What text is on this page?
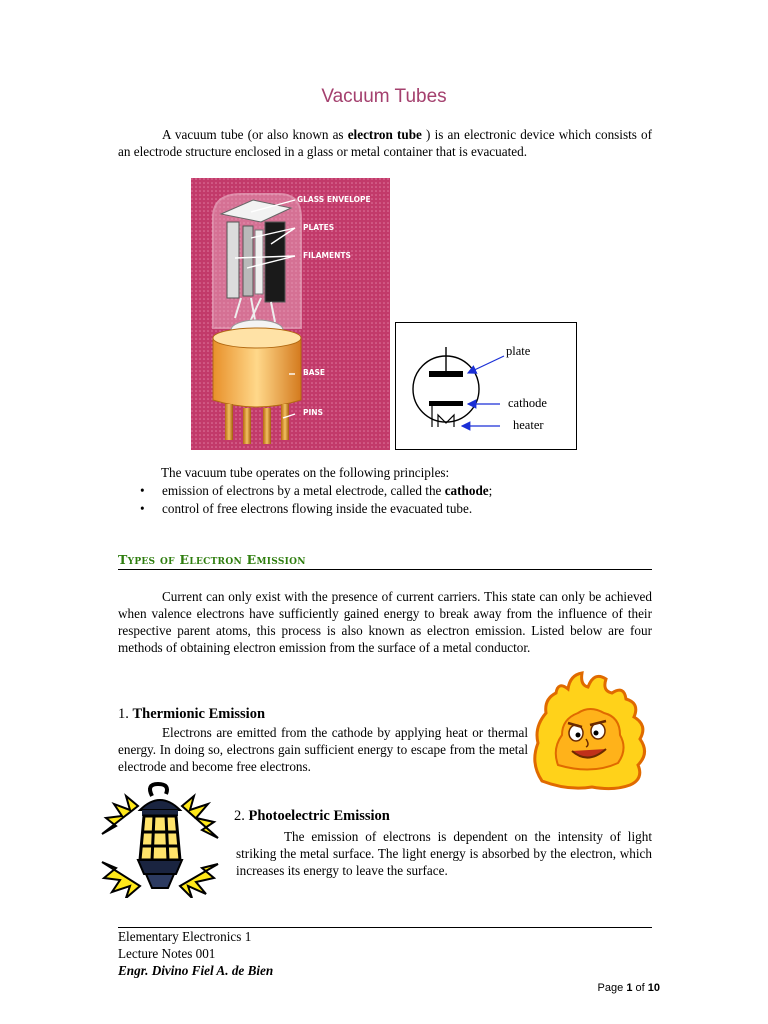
Vacuum Tubes
A vacuum tube (or also known as electron tube ) is an electronic device which consists of an electrode structure enclosed in a glass or metal container that is evacuated.
GLASS ENVELOPE
PLATES
FILAMENTS
BASE
PINS
plate
cathode
heater
The vacuum tube operates on the following principles:
• emission of electrons by a metal electrode, called the cathode;
• control of free electrons flowing inside the evacuated tube.
Types of Electron Emission
Current can only exist with the presence of current carriers. This state can only be achieved when valence electrons have sufficiently gained energy to break away from the influence of their respective parent atoms, this process is also known as electron emission. Listed below are four methods of obtaining electron emission from the surface of a metal conductor.
1. Thermionic Emission
Electrons are emitted from the cathode by applying heat or thermal energy. In doing so, electrons gain sufficient energy to escape from the metal electrode and become free electrons.
2. Photoelectric Emission
The emission of electrons is dependent on the intensity of light striking the metal surface. The light energy is absorbed by the electron, which increases its energy to leave the surface.
Elementary Electronics 1
Lecture Notes 001
Engr. Divino Fiel A. de Bien
Page 1 of 10
